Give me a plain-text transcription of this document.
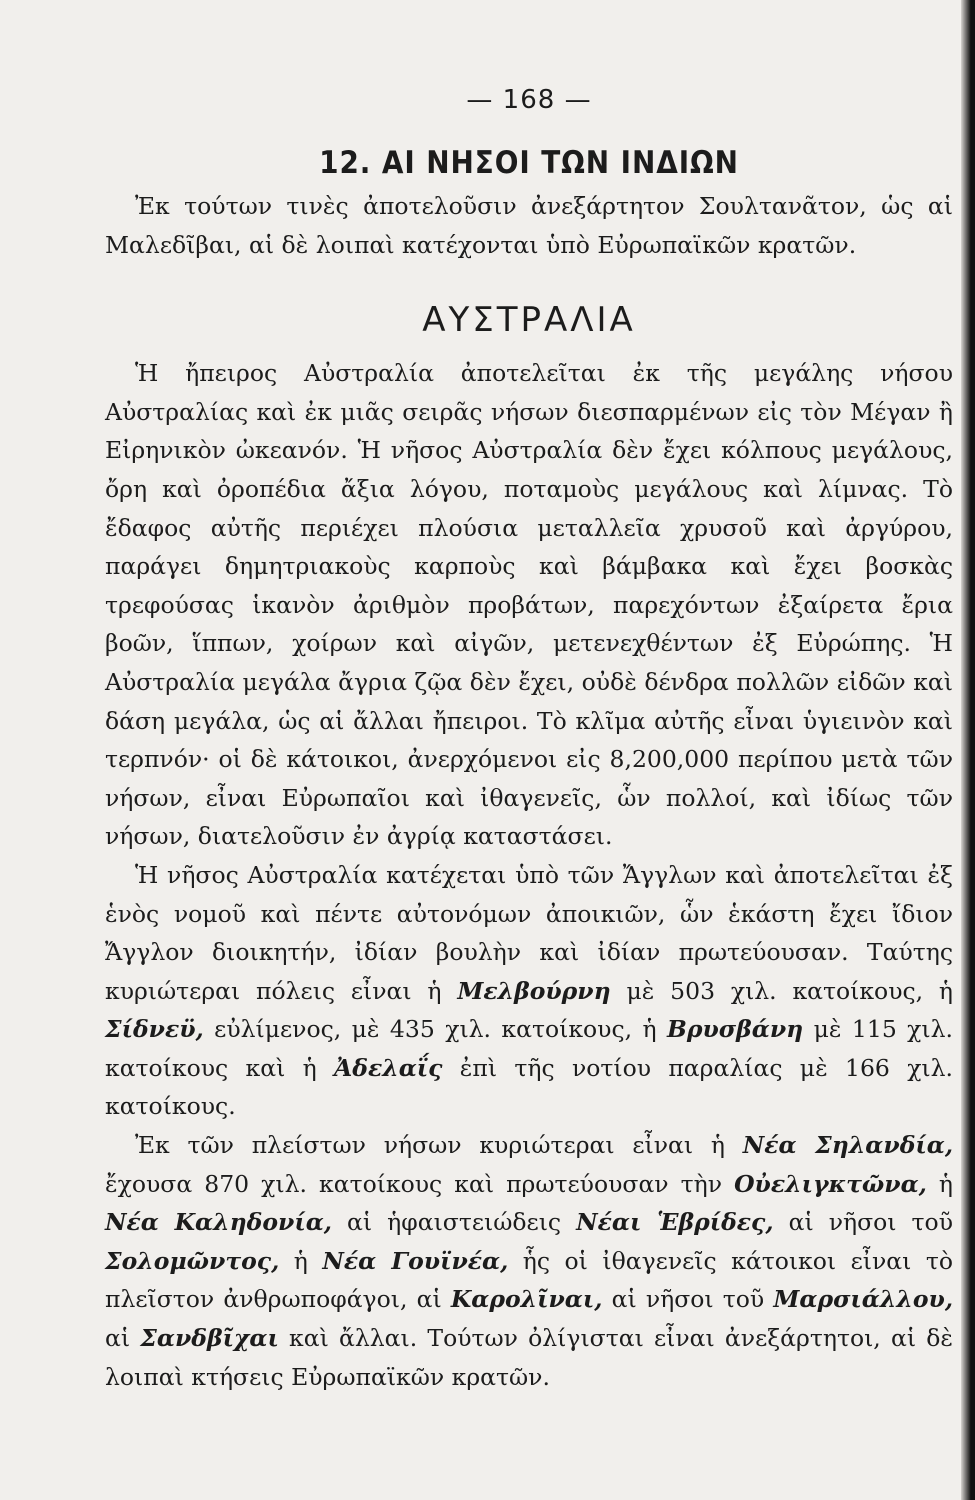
— 168 —
12. ΑΙ ΝΗΣΟΙ ΤΩΝ ΙΝΔΙΩΝ

Ἐκ τούτων τινὲς ἀποτελοῦσιν ἀνεξάρτητον Σουλτανᾶτον, ὡς αἱ Μαλεδῖβαι, αἱ δὲ λοιπαὶ κατέχονται ὑπὸ Εὐρωπαϊκῶν κρατῶν.

ΑΥΣΤΡΑΛΙΑ

Ἡ ἤπειρος Αὐστραλία ἀποτελεῖται ἐκ τῆς μεγάλης νήσου Αὐστραλίας καὶ ἐκ μιᾶς σειρᾶς νήσων διεσπαρμένων εἰς τὸν Μέγαν ἢ Εἰρηνικὸν ὠκεανόν. Ἡ νῆσος Αὐστραλία δὲν ἔχει κόλπους μεγάλους, ὄρη καὶ ὀροπέδια ἄξια λόγου, ποταμοὺς μεγάλους καὶ λίμνας. Τὸ ἔδαφος αὐτῆς περιέχει πλούσια μεταλλεῖα χρυσοῦ καὶ ἀργύρου, παράγει δημητριακοὺς καρποὺς καὶ βάμβακα καὶ ἔχει βοσκὰς τρεφούσας ἱκανὸν ἀριθμὸν προβάτων, παρεχόντων ἐξαίρετα ἔρια βοῶν, ἵππων, χοίρων καὶ αἰγῶν, μετενεχθέντων ἐξ Εὐρώπης. Ἡ Αὐστραλία μεγάλα ἄγρια ζῷα δὲν ἔχει, οὐδὲ δένδρα πολλῶν εἰδῶν καὶ δάση μεγάλα, ὡς αἱ ἄλλαι ἤπειροι. Τὸ κλῖμα αὐτῆς εἶναι ὑγιεινὸν καὶ τερπνόν· οἱ δὲ κάτοικοι, ἀνερχόμενοι εἰς 8,200,000 περίπου μετὰ τῶν νήσων, εἶναι Εὐρωπαῖοι καὶ ἰθαγενεῖς, ὧν πολλοί, καὶ ἰδίως τῶν νήσων, διατελοῦσιν ἐν ἀγρίᾳ καταστάσει.

Ἡ νῆσος Αὐστραλία κατέχεται ὑπὸ τῶν Ἄγγλων καὶ ἀποτελεῖται ἐξ ἑνὸς νομοῦ καὶ πέντε αὐτονόμων ἀποικιῶν, ὧν ἑκάστη ἔχει ἴδιον Ἄγγλον διοικητήν, ἰδίαν βουλὴν καὶ ἰδίαν πρωτεύουσαν. Ταύτης κυριώτεραι πόλεις εἶναι ἡ Μελβούρνη μὲ 503 χιλ. κατοίκους, ἡ Σίδνεϋ, εὐλίμενος, μὲ 435 χιλ. κατοίκους, ἡ Βρυσβάνη μὲ 115 χιλ. κατοίκους καὶ ἡ Ἀδελαΐς ἐπὶ τῆς νοτίου παραλίας μὲ 166 χιλ. κατοίκους.

Ἐκ τῶν πλείστων νήσων κυριώτεραι εἶναι ἡ Νέα Σηλανδία, ἔχουσα 870 χιλ. κατοίκους καὶ πρωτεύουσαν τὴν Οὐελιγκτῶνα, ἡ Νέα Καληδονία, αἱ ἡφαιστειώδεις Νέαι Ἑβρίδες, αἱ νῆσοι τοῦ Σολομῶντος, ἡ Νέα Γουϊνέα, ἧς οἱ ἰθαγενεῖς κάτοικοι εἶναι τὸ πλεῖστον ἀνθρωποφάγοι, αἱ Καρολῖναι, αἱ νῆσοι τοῦ Μαρσιάλλου, αἱ Σανδβῖχαι καὶ ἄλλαι. Τούτων ὀλίγισται εἶναι ἀνεξάρτητοι, αἱ δὲ λοιπαὶ κτήσεις Εὐρωπαϊκῶν κρατῶν.
